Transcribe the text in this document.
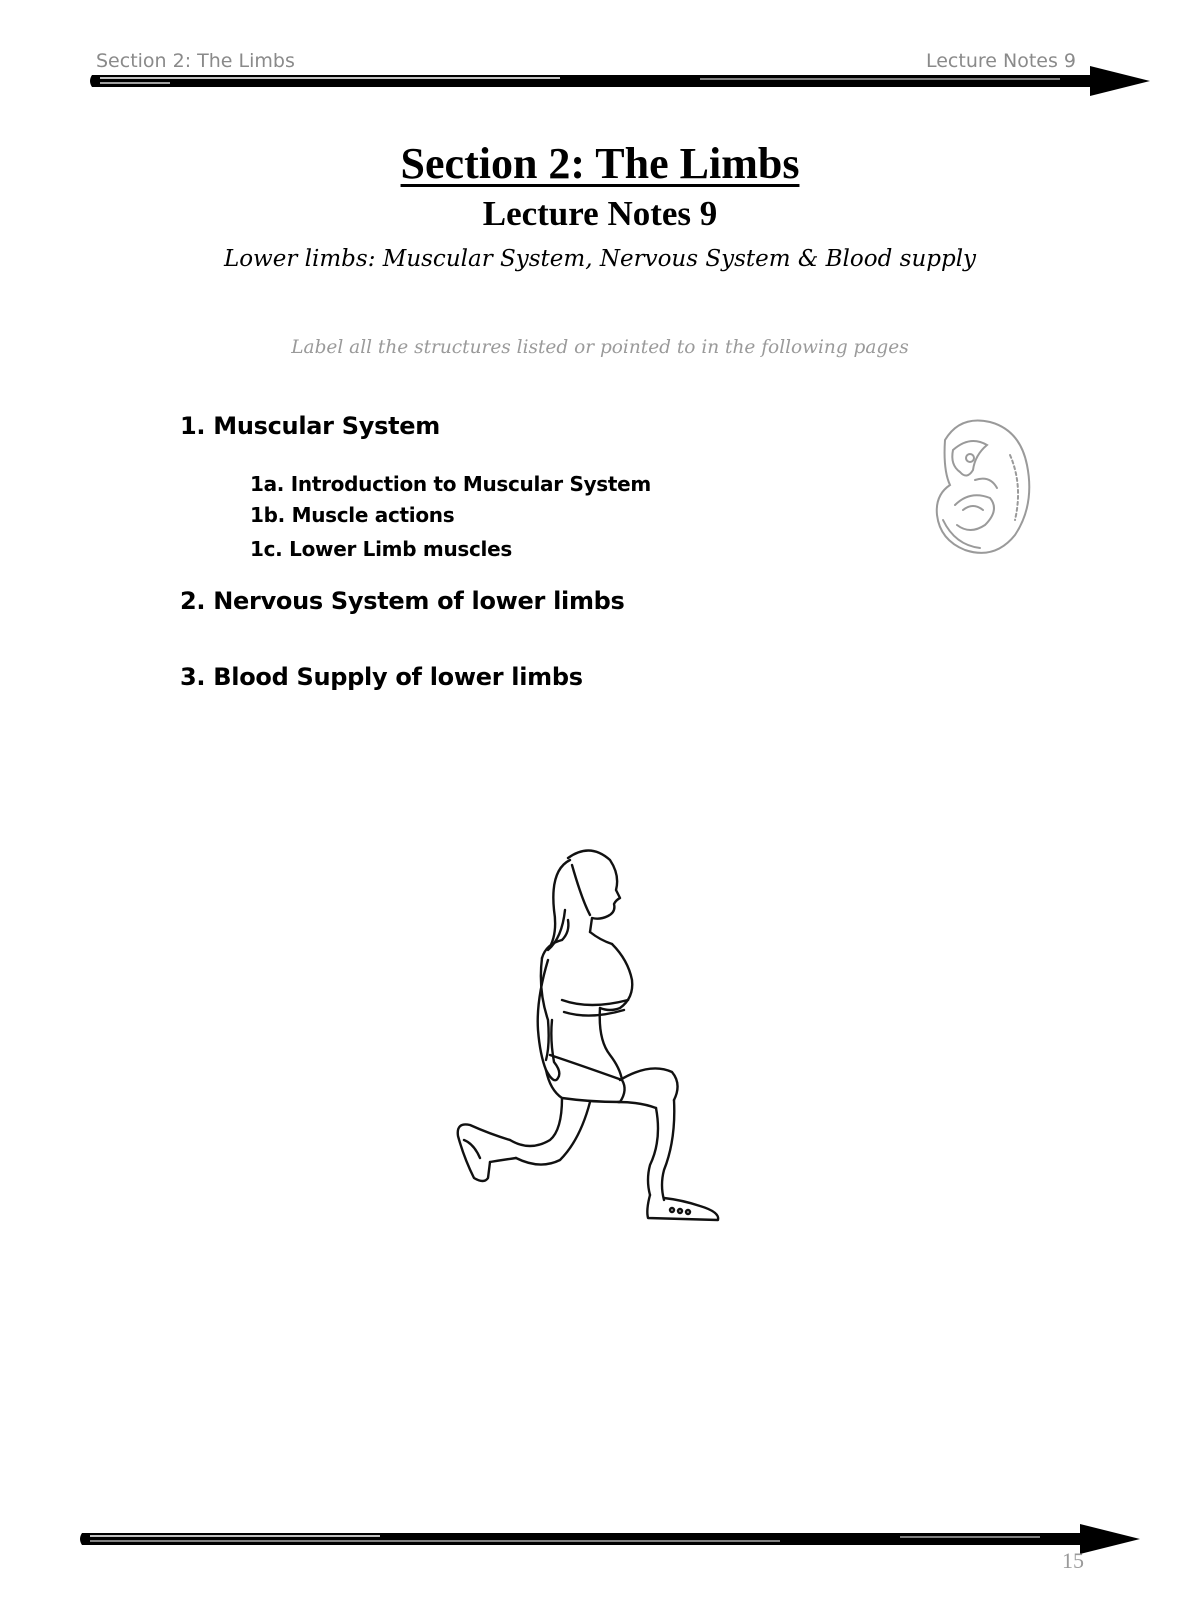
Section 2: The Limbs	Lecture Notes 9
Section 2: The Limbs
Lecture Notes 9

Lower limbs: Muscular System, Nervous System & Blood supply

Label all the structures listed or pointed to in the following pages

1. Muscular System

1a. Introduction to Muscular System

1b. Muscle actions

1c. Lower Limb muscles

2. Nervous System of lower limbs

3. Blood Supply of lower limbs

15
